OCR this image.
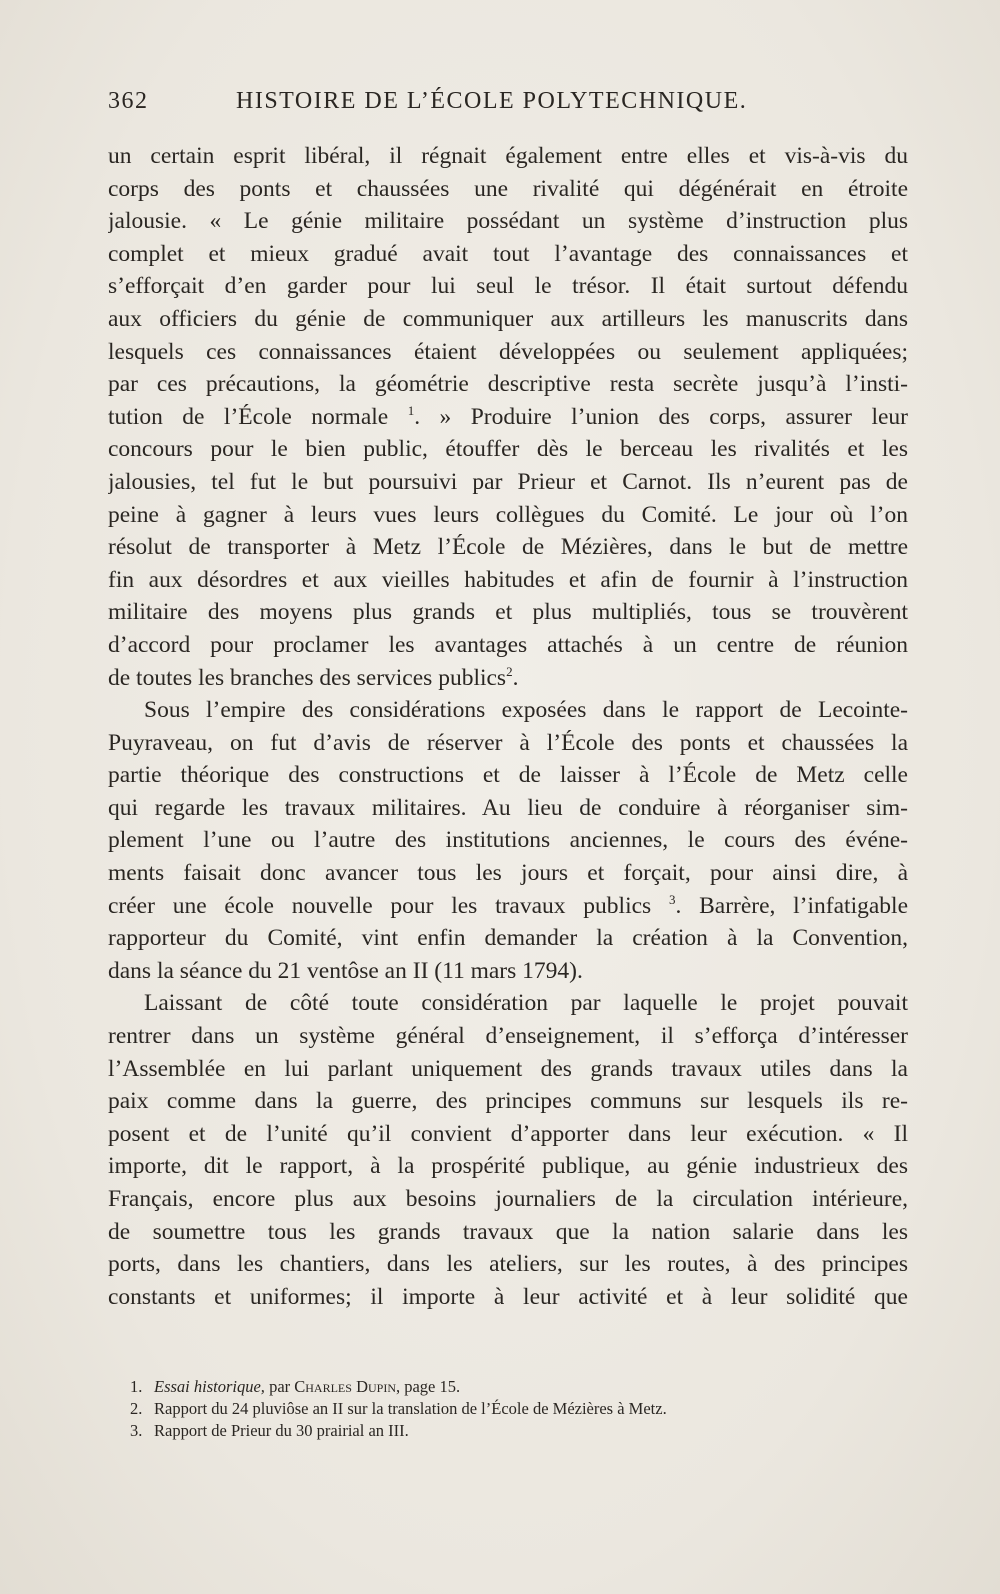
362	HISTOIRE DE L’ÉCOLE POLYTECHNIQUE.
un certain esprit libéral, il régnait également entre elles et vis-à-vis du
corps des ponts et chaussées une rivalité qui dégénérait en étroite
jalousie. « Le génie militaire possédant un système d’instruction plus
complet et mieux gradué avait tout l’avantage des connaissances et
s’efforçait d’en garder pour lui seul le trésor. Il était surtout défendu
aux officiers du génie de communiquer aux artilleurs les manuscrits dans
lesquels ces connaissances étaient développées ou seulement appliquées;
par ces précautions, la géométrie descriptive resta secrète jusqu’à l’insti-
tution de l’École normale $^1$. » Produire l’union des corps, assurer leur
concours pour le bien public, étouffer dès le berceau les rivalités et les
jalousies, tel fut le but poursuivi par Prieur et Carnot. Ils n’eurent pas de
peine à gagner à leurs vues leurs collègues du Comité. Le jour où l’on
résolut de transporter à Metz l’École de Mézières, dans le but de mettre
fin aux désordres et aux vieilles habitudes et afin de fournir à l’instruction
militaire des moyens plus grands et plus multipliés, tous se trouvèrent
d’accord pour proclamer les avantages attachés à un centre de réunion
de toutes les branches des services publics$^2$.
Sous l’empire des considérations exposées dans le rapport de Lecointe-
Puyraveau, on fut d’avis de réserver à l’École des ponts et chaussées la
partie théorique des constructions et de laisser à l’École de Metz celle
qui regarde les travaux militaires. Au lieu de conduire à réorganiser sim-
plement l’une ou l’autre des institutions anciennes, le cours des événe-
ments faisait donc avancer tous les jours et forçait, pour ainsi dire, à
créer une école nouvelle pour les travaux publics $^3$. Barrère, l’infatigable
rapporteur du Comité, vint enfin demander la création à la Convention,
dans la séance du 21 ventôse an II (11 mars 1794).
Laissant de côté toute considération par laquelle le projet pouvait
rentrer dans un système général d’enseignement, il s’efforça d’intéresser
l’Assemblée en lui parlant uniquement des grands travaux utiles dans la
paix comme dans la guerre, des principes communs sur lesquels ils re-
posent et de l’unité qu’il convient d’apporter dans leur exécution. « Il
importe, dit le rapport, à la prospérité publique, au génie industrieux des
Français, encore plus aux besoins journaliers de la circulation intérieure,
de soumettre tous les grands travaux que la nation salarie dans les
ports, dans les chantiers, dans les ateliers, sur les routes, à des principes
constants et uniformes; il importe à leur activité et à leur solidité que
1. Essai historique, par Charles Dupin, page 15.
2. Rapport du 24 pluviôse an II sur la translation de l’École de Mézières à Metz.
3. Rapport de Prieur du 30 prairial an III.
